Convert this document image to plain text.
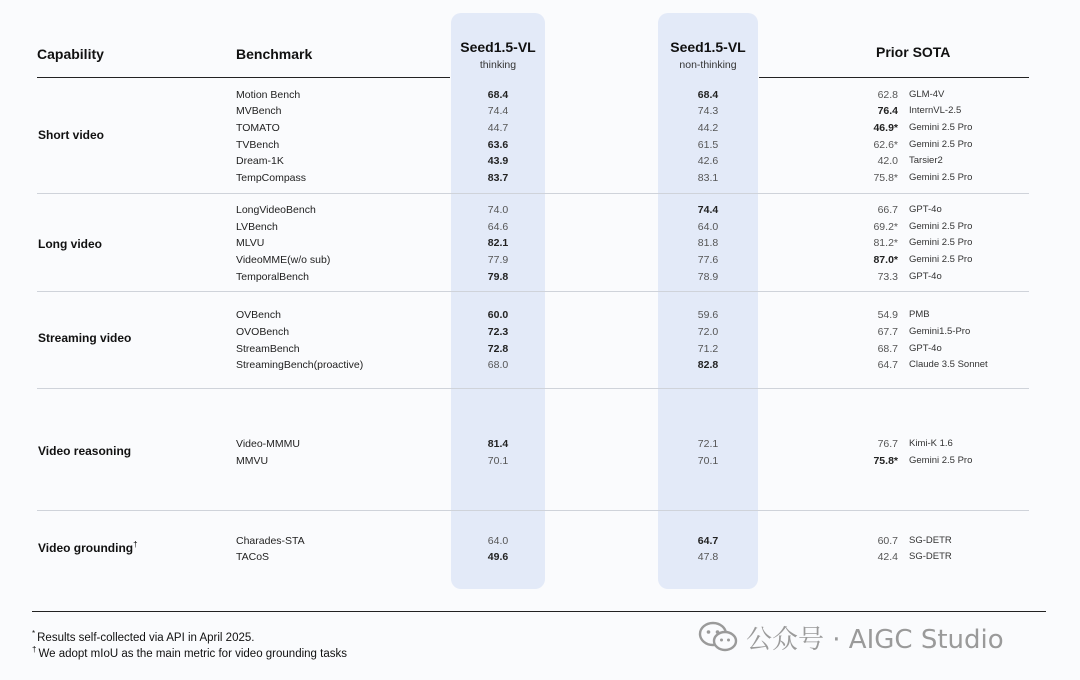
Capability	Benchmark	Seed1.5-VL
thinking
Seed1.5-VL
non-thinking
Prior SOTA
Short video
Motion Bench	68.4	68.4	62.8 GLM-4V
MVBench	74.4	74.3	76.4 InternVL-2.5
TOMATO	44.7	44.2	46.9* Gemini 2.5 Pro
TVBench	63.6	61.5	62.6* Gemini 2.5 Pro
Dream-1K	43.9	42.6	42.0 Tarsier2
TempCompass	83.7	83.1	75.8* Gemini 2.5 Pro
Long video
LongVideoBench	74.0	74.4	66.7 GPT-4o
LVBench	64.6	64.0	69.2* Gemini 2.5 Pro
MLVU	82.1	81.8	81.2* Gemini 2.5 Pro
VideoMME(w/o sub)	77.9	77.6	87.0* Gemini 2.5 Pro
TemporalBench	79.8	78.9	73.3 GPT-4o
Streaming video
OVBench	60.0	59.6	54.9 PMB
OVOBench	72.3	72.0	67.7 Gemini1.5-Pro
StreamBench	72.8	71.2	68.7 GPT-4o
StreamingBench(proactive)	68.0	82.8	64.7 Claude 3.5 Sonnet
Video reasoning	Video-MMMU	81.4	72.1	76.7 Kimi-K 1.6
MMVU	70.1	70.1	75.8* Gemini 2.5 Pro
Video grounding†	Charades-STA	64.0	64.7	60.7 SG-DETR
TACoS	49.6	47.8	42.4 SG-DETR
* Results self-collected via API in April 2025.
† We adopt mIoU as the main metric for video grounding tasks	公众号 · AIGC Studio
